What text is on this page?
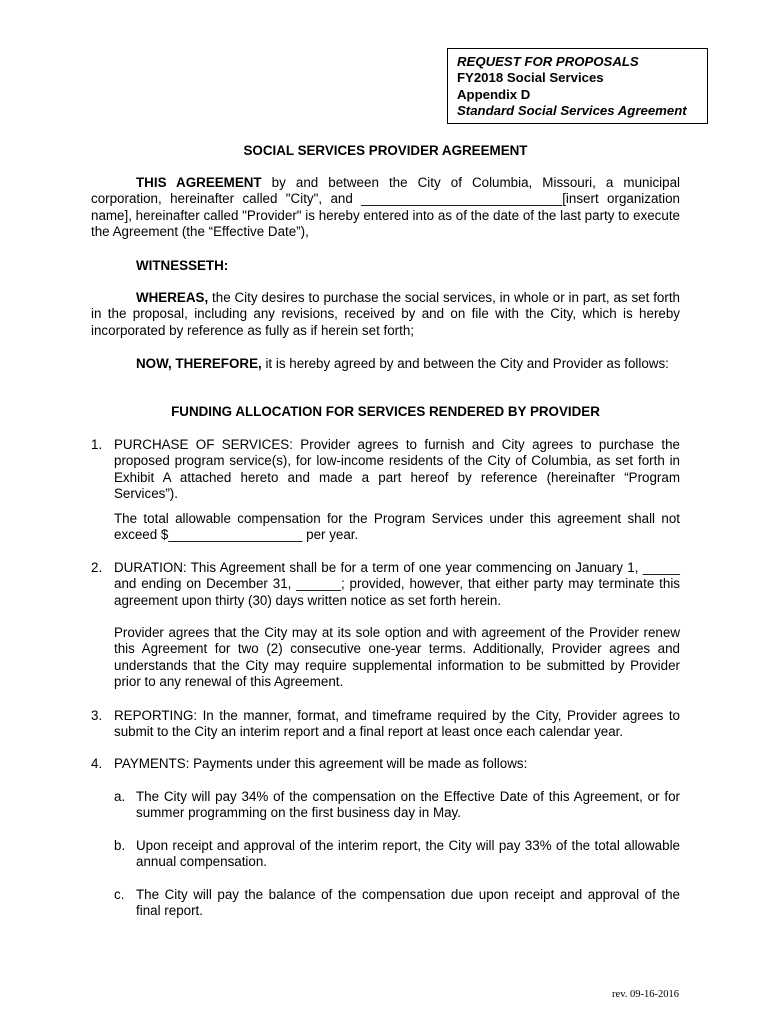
REQUEST FOR PROPOSALS
FY2018 Social Services
Appendix D
Standard Social Services Agreement
SOCIAL SERVICES PROVIDER AGREEMENT
THIS AGREEMENT by and between the City of Columbia, Missouri, a municipal corporation, hereinafter called "City", and ___________________________[insert organization name], hereinafter called "Provider" is hereby entered into as of the date of the last party to execute the Agreement (the “Effective Date”),
WITNESSETH:
WHEREAS, the City desires to purchase the social services, in whole or in part, as set forth in the proposal, including any revisions, received by and on file with the City, which is hereby incorporated by reference as fully as if herein set forth;
NOW, THEREFORE, it is hereby agreed by and between the City and Provider as follows:
FUNDING ALLOCATION FOR SERVICES RENDERED BY PROVIDER
1. PURCHASE OF SERVICES: Provider agrees to furnish and City agrees to purchase the proposed program service(s), for low-income residents of the City of Columbia, as set forth in Exhibit A attached hereto and made a part hereof by reference (hereinafter “Program Services”).
The total allowable compensation for the Program Services under this agreement shall not exceed $__________________ per year.
2. DURATION: This Agreement shall be for a term of one year commencing on January 1, _____ and ending on December 31, ______; provided, however, that either party may terminate this agreement upon thirty (30) days written notice as set forth herein.
Provider agrees that the City may at its sole option and with agreement of the Provider renew this Agreement for two (2) consecutive one-year terms. Additionally, Provider agrees and understands that the City may require supplemental information to be submitted by Provider prior to any renewal of this Agreement.
3. REPORTING: In the manner, format, and timeframe required by the City, Provider agrees to submit to the City an interim report and a final report at least once each calendar year.
4. PAYMENTS: Payments under this agreement will be made as follows:
a. The City will pay 34% of the compensation on the Effective Date of this Agreement, or for summer programming on the first business day in May.
b. Upon receipt and approval of the interim report, the City will pay 33% of the total allowable annual compensation.
c. The City will pay the balance of the compensation due upon receipt and approval of the final report.
rev. 09-16-2016
